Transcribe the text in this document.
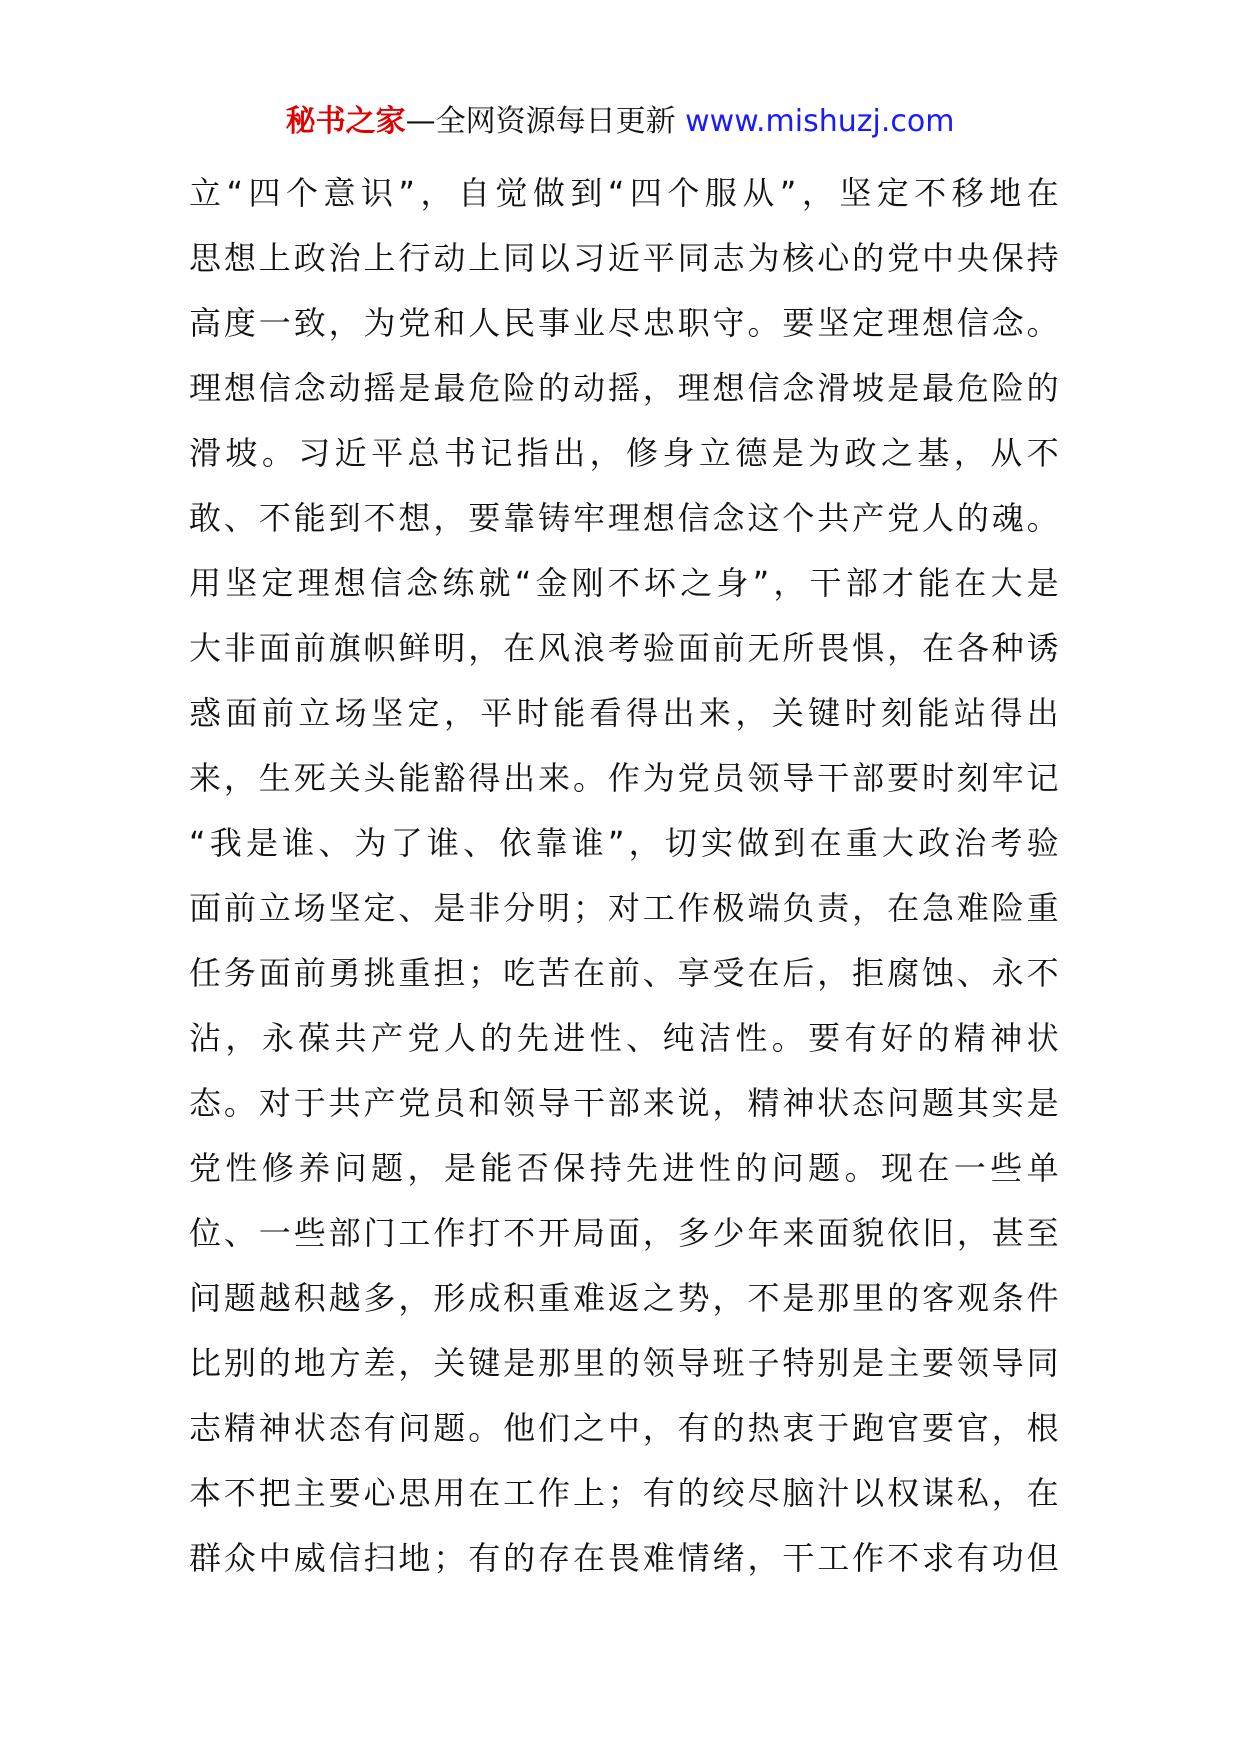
秘书之家—全网资源每日更新 www.mishuzj.com
立“四个意识”，自觉做到“四个服从”，坚定不移地在
思想上政治上行动上同以习近平同志为核心的党中央保持
高度一致，为党和人民事业尽忠职守。要坚定理想信念。
理想信念动摇是最危险的动摇，理想信念滑坡是最危险的
滑坡。习近平总书记指出，修身立德是为政之基，从不
敢、不能到不想，要靠铸牢理想信念这个共产党人的魂。
用坚定理想信念练就“金刚不坏之身”，干部才能在大是
大非面前旗帜鲜明，在风浪考验面前无所畏惧，在各种诱
惑面前立场坚定，平时能看得出来，关键时刻能站得出
来，生死关头能豁得出来。作为党员领导干部要时刻牢记
“我是谁、为了谁、依靠谁”，切实做到在重大政治考验
面前立场坚定、是非分明；对工作极端负责，在急难险重
任务面前勇挑重担；吃苦在前、享受在后，拒腐蚀、永不
沾，永葆共产党人的先进性、纯洁性。要有好的精神状
态。对于共产党员和领导干部来说，精神状态问题其实是
党性修养问题，是能否保持先进性的问题。现在一些单
位、一些部门工作打不开局面，多少年来面貌依旧，甚至
问题越积越多，形成积重难返之势，不是那里的客观条件
比别的地方差，关键是那里的领导班子特别是主要领导同
志精神状态有问题。他们之中，有的热衷于跑官要官，根
本不把主要心思用在工作上；有的绞尽脑汁以权谋私，在
群众中威信扫地；有的存在畏难情绪，干工作不求有功但
